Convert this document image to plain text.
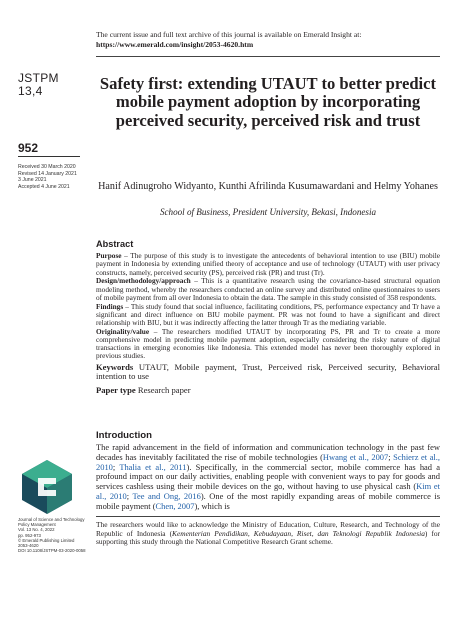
The current issue and full text archive of this journal is available on Emerald Insight at:
https://www.emerald.com/insight/2053-4620.htm
JSTPM
13,4
952
Received 30 March 2020
Revised 14 January 2021
3 June 2021
Accepted 4 June 2021
Safety first: extending UTAUT to better predict mobile payment adoption by incorporating perceived security, perceived risk and trust
Hanif Adinugroho Widyanto, Kunthi Afrilinda Kusumawardani and Helmy Yohanes
School of Business, President University, Bekasi, Indonesia
Abstract

Purpose – The purpose of this study is to investigate the antecedents of behavioral intention to use (BIU) mobile payment in Indonesia by extending unified theory of acceptance and use of technology (UTAUT) with user privacy constructs, namely, perceived security (PS), perceived risk (PR) and trust (Tr).

Design/methodology/approach – This is a quantitative research using the covariance-based structural equation modeling method, whereby the researchers conducted an online survey and distributed online questionnaires to users of mobile payment from all over Indonesia to obtain the data. The sample in this study consisted of 358 respondents.

Findings – This study found that social influence, facilitating conditions, PS, performance expectancy and Tr have a significant and direct influence on BIU mobile payment. PR was not found to have a significant and direct relationship with BIU, but it was indirectly affecting the latter through Tr as the mediating variable.

Originality/value – The researchers modified UTAUT by incorporating PS, PR and Tr to create a more comprehensive model in predicting mobile payment adoption, especially considering the risky nature of digital transactions in emerging economies like Indonesia. This extended model has never been thoroughly explored in previous studies.

Keywords UTAUT, Mobile payment, Trust, Perceived risk, Perceived security, Behavioral intention to use
Paper type Research paper
Introduction

The rapid advancement in the field of information and communication technology in the past few decades has inevitably facilitated the rise of mobile technologies (Hwang et al., 2007; Schierz et al., 2010; Thalia et al., 2011). Specifically, in the commercial sector, mobile commerce has had a profound impact on our daily activities, enabling people with convenient ways to pay for goods and services cashless using their mobile devices on the go, without having to use physical cash (Kim et al., 2010; Tee and Ong, 2016). One of the most rapidly expanding areas of mobile commerce is mobile payment (Chen, 2007), which is

The researchers would like to acknowledge the Ministry of Education, Culture, Research, and Technology of the Republic of Indonesia (Kementerian Pendidikan, Kebudayaan, Riset, dan Teknologi Republik Indonesia) for supporting this study through the National Competitive Research Grant scheme.
Journal of Science and Technology
Policy Management
Vol. 13 No. 4, 2022
pp. 952-973
© Emerald Publishing Limited
2053-4620
DOI 10.1108/JSTPM-03-2020-0058
